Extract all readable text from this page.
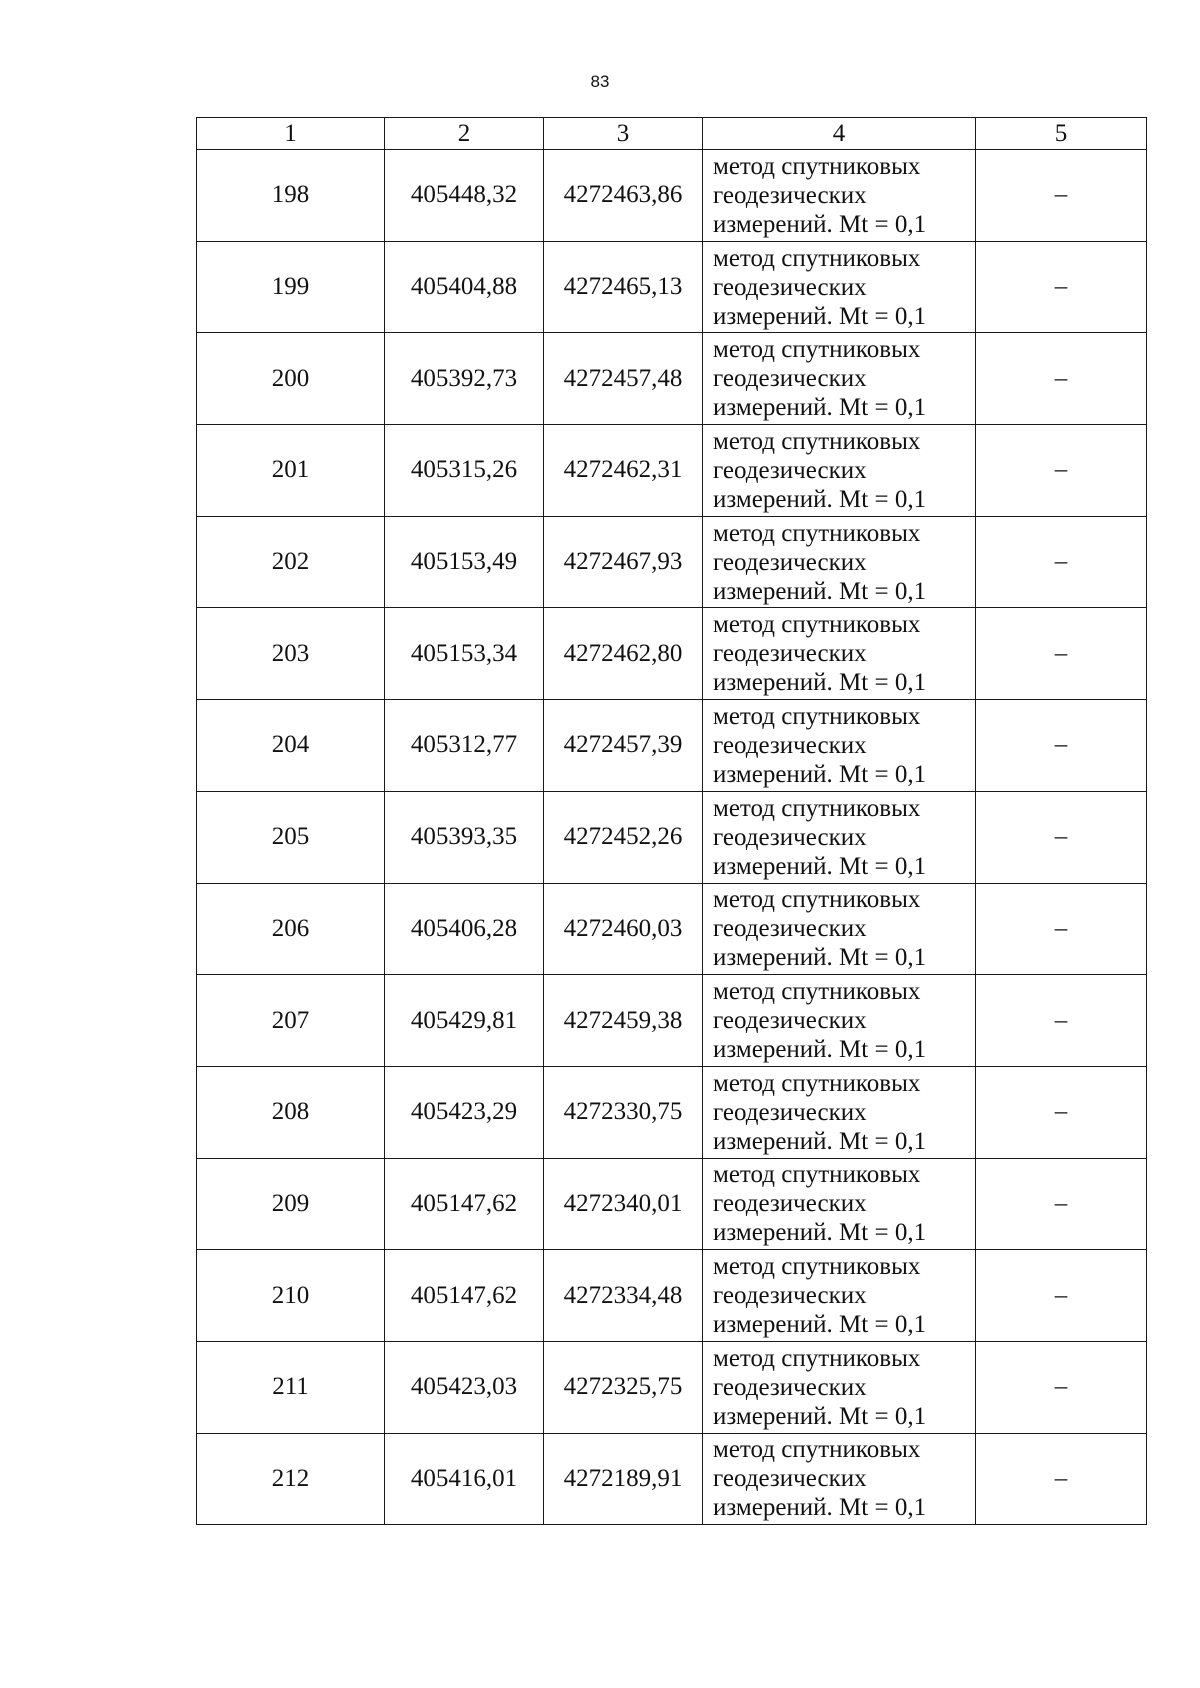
83
1	2	3	4	5
198	405448,32	4272463,86	метод спутниковых
геодезических
измерений. Mt = 0,1	–
199	405404,88	4272465,13	метод спутниковых
геодезических
измерений. Mt = 0,1	–
200	405392,73	4272457,48	метод спутниковых
геодезических
измерений. Mt = 0,1	–
201	405315,26	4272462,31	метод спутниковых
геодезических
измерений. Mt = 0,1	–
202	405153,49	4272467,93	метод спутниковых
геодезических
измерений. Mt = 0,1	–
203	405153,34	4272462,80	метод спутниковых
геодезических
измерений. Mt = 0,1	–
204	405312,77	4272457,39	метод спутниковых
геодезических
измерений. Mt = 0,1	–
205	405393,35	4272452,26	метод спутниковых
геодезических
измерений. Mt = 0,1	–
206	405406,28	4272460,03	метод спутниковых
геодезических
измерений. Mt = 0,1	–
207	405429,81	4272459,38	метод спутниковых
геодезических
измерений. Mt = 0,1	–
208	405423,29	4272330,75	метод спутниковых
геодезических
измерений. Mt = 0,1	–
209	405147,62	4272340,01	метод спутниковых
геодезических
измерений. Mt = 0,1	–
210	405147,62	4272334,48	метод спутниковых
геодезических
измерений. Mt = 0,1	–
211	405423,03	4272325,75	метод спутниковых
геодезических
измерений. Mt = 0,1	–
212	405416,01	4272189,91	метод спутниковых
геодезических
измерений. Mt = 0,1	–
